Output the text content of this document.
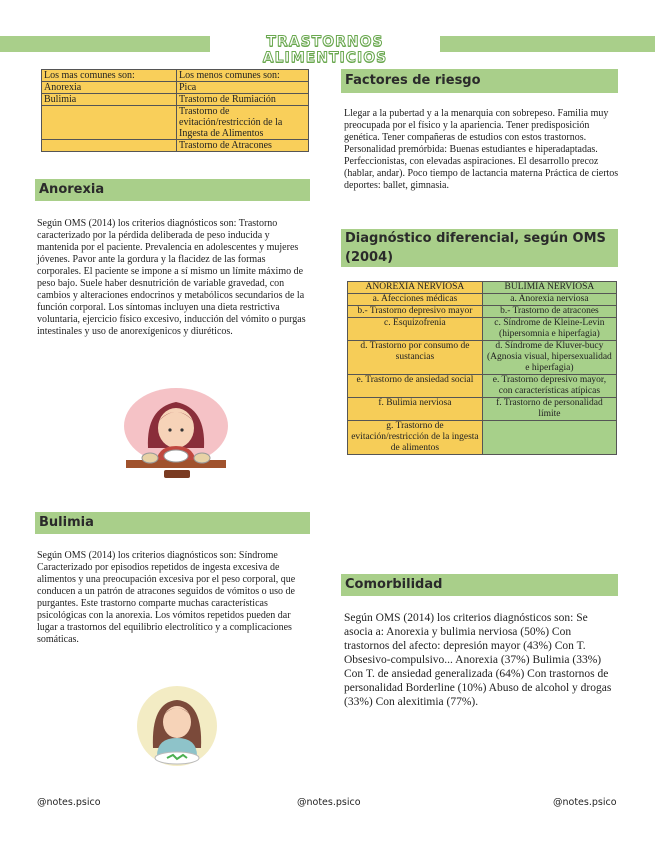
TRASTORNOS ALIMENTICIOS
Los mas comunes son:	Los menos comunes son:
Anorexia	Pica
Bulimia	Trastorno de Rumiación
	Trastorno de evitación/restricción de la Ingesta de Alimentos
	Trastorno de Atracones
Anorexia
Según OMS (2014) los criterios diagnósticos son: Trastorno caracterizado por la pérdida deliberada de peso inducida y mantenida por el paciente. Prevalencia en adolescentes y mujeres jóvenes. Pavor ante la gordura y la flacidez de las formas corporales. El paciente se impone a sí mismo un límite máximo de peso bajo. Suele haber desnutrición de variable gravedad, con cambios y alteraciones endocrinos y metabólicos secundarios de la función corporal. Los síntomas incluyen una dieta restrictiva voluntaria, ejercicio físico excesivo, inducción del vómito o purgas intestinales y uso de anorexígenicos y diuréticos.
Bulimia
Según OMS (2014) los criterios diagnósticos son: Síndrome Caracterizado por episodios repetidos de ingesta excesiva de alimentos y una preocupación excesiva por el peso corporal, que conducen a un patrón de atracones seguidos de vómitos o uso de purgantes. Este trastorno comparte muchas características psicológicas con la anorexia. Los vómitos repetidos pueden dar lugar a trastornos del equilibrio electrolítico y a complicaciones somáticas.
Factores de riesgo
Llegar a la pubertad y a la menarquia con sobrepeso. Familia muy preocupada por el físico y la apariencia. Tener predisposición genética. Tener compañeras de estudios con estos trastornos. Personalidad premórbida: Buenas estudiantes e hiperadaptadas. Perfeccionistas, con elevadas aspiraciones. El desarrollo precoz (hablar, andar). Poco tiempo de lactancia materna Práctica de ciertos deportes: ballet, gimnasia.
Diagnóstico diferencial, según OMS (2004)
ANOREXIA NERVIOSA	BULIMIA NERVIOSA
a. Afecciones médicas	a. Anorexia nerviosa
b.- Trastorno depresivo mayor	b.- Trastorno de atracones
c. Esquizofrenia	c. Síndrome de Kleine-Levin (hipersomnia e hiperfagia)
d. Trastorno por consumo de sustancias	d. Síndrome de Kluver-bucy (Agnosia visual, hipersexualidad e hiperfagia)
e. Trastorno de ansiedad social	e. Trastorno depresivo mayor, con características atípicas
f. Bulimia nerviosa	f. Trastorno de personalidad límite
g. Trastorno de evitación/restricción de la ingesta de alimentos	
Comorbilidad
Según OMS (2014) los criterios diagnósticos son: Se asocia a: Anorexia y bulimia nerviosa (50%) Con trastornos del afecto: depresión mayor (43%) Con T. Obsesivo-compulsivo... Anorexia (37%) Bulimia (33%) Con T. de ansiedad generalizada (64%) Con trastornos de personalidad Borderline (10%) Abuso de alcohol y drogas (33%) Con alexitimia (77%).
@notes.psico	@notes.psico	@notes.psico
